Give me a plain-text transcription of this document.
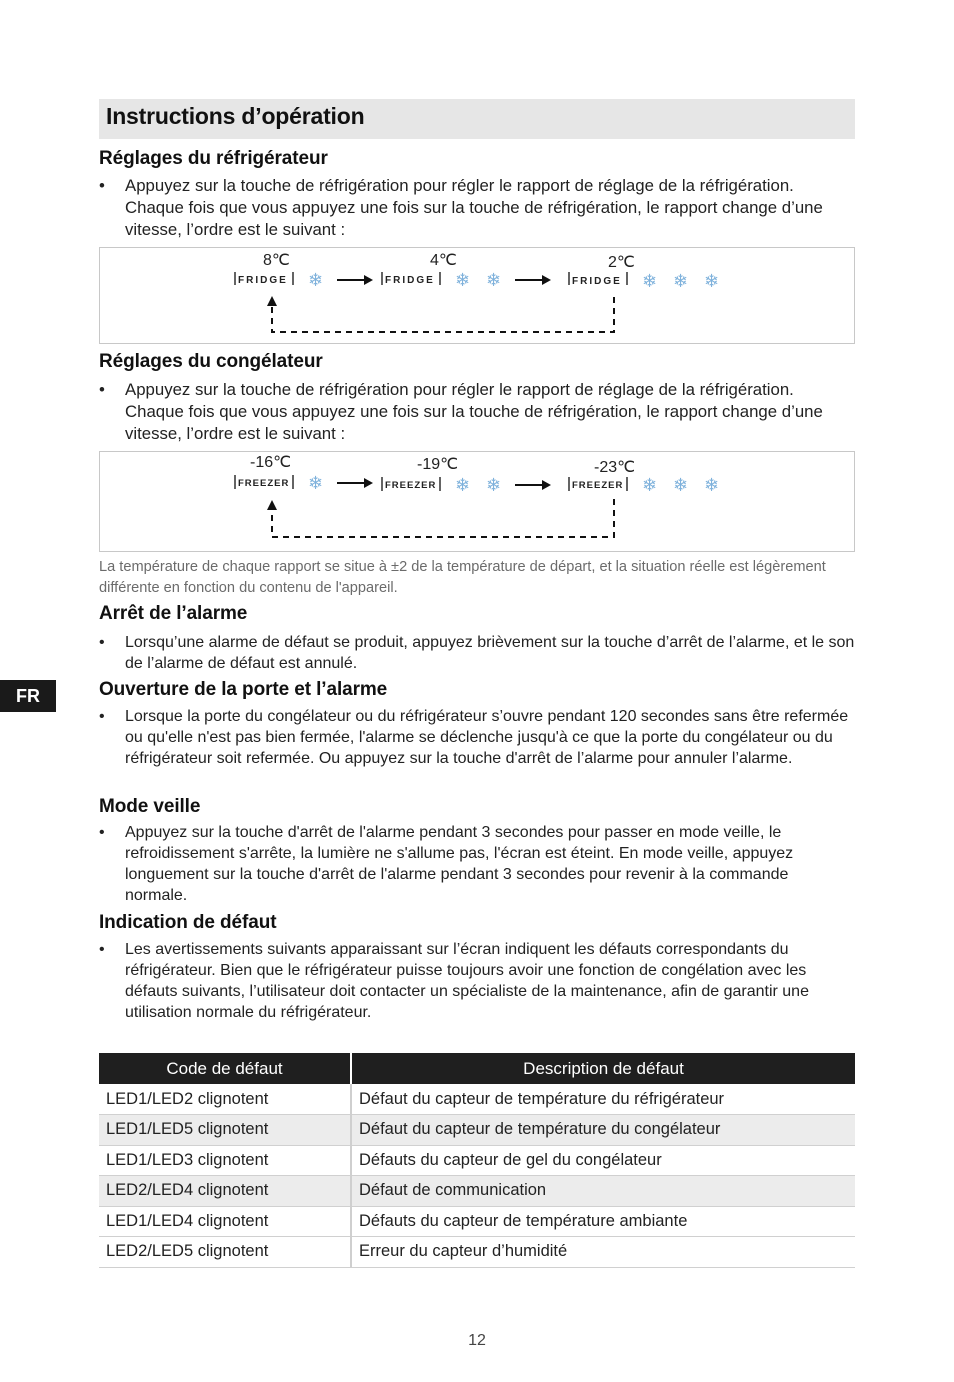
Instructions d’opération
Réglages du réfrigérateur
•	Appuyez sur la touche de réfrigération pour régler le rapport de réglage de la réfrigération. Chaque fois que vous appuyez une fois sur la touche de réfrigération, le rapport change d’une vitesse, l’ordre est le suivant :
8℃	4℃	2℃
FRIDGE	FRIDGE	FRIDGE
❄	❄ ❄	❄ ❄ ❄
Réglages du congélateur
•	Appuyez sur la touche de réfrigération pour régler le rapport de réglage de la réfrigération. Chaque fois que vous appuyez une fois sur la touche de réfrigération, le rapport change d’une vitesse, l’ordre est le suivant :
-16℃	-19℃	-23℃
FREEZER	FREEZER	FREEZER
❄	❄ ❄	❄ ❄ ❄
La température de chaque rapport se situe à ±2 de la température de départ, et la situation réelle est légèrement différente en fonction du contenu de l'appareil.
Arrêt de l’alarme
•	Lorsqu’une alarme de défaut se produit, appuyez brièvement sur la touche d’arrêt de l’alarme, et le son de l’alarme de défaut est annulé.
FR	Ouverture de la porte et l’alarme
•	Lorsque la porte du congélateur ou du réfrigérateur s’ouvre pendant 120 secondes sans être refermée ou qu'elle n'est pas bien fermée, l'alarme se déclenche jusqu'à ce que la porte du congélateur ou du réfrigérateur soit refermée. Ou appuyez sur la touche d'arrêt de l’alarme pour annuler l’alarme.
Mode veille
•	Appuyez sur la touche d'arrêt de l'alarme pendant 3 secondes pour passer en mode veille, le refroidissement s'arrête, la lumière ne s'allume pas, l'écran est éteint. En mode veille, appuyez longuement sur la touche d'arrêt de l'alarme pendant 3 secondes pour revenir à la commande normale.
Indication de défaut
•	Les avertissements suivants apparaissant sur l’écran indiquent les défauts correspondants du réfrigérateur. Bien que le réfrigérateur puisse toujours avoir une fonction de congélation avec les défauts suivants, l’utilisateur doit contacter un spécialiste de la maintenance, afin de garantir une utilisation normale du réfrigérateur.
Code de défaut	Description de défaut
LED1/LED2 clignotent	Défaut du capteur de température du réfrigérateur
LED1/LED5 clignotent	Défaut du capteur de température du congélateur
LED1/LED3 clignotent	Défauts du capteur de gel du congélateur
LED2/LED4 clignotent	Défaut de communication
LED1/LED4 clignotent	Défauts du capteur de température ambiante
LED2/LED5 clignotent	Erreur du capteur d’humidité
12
